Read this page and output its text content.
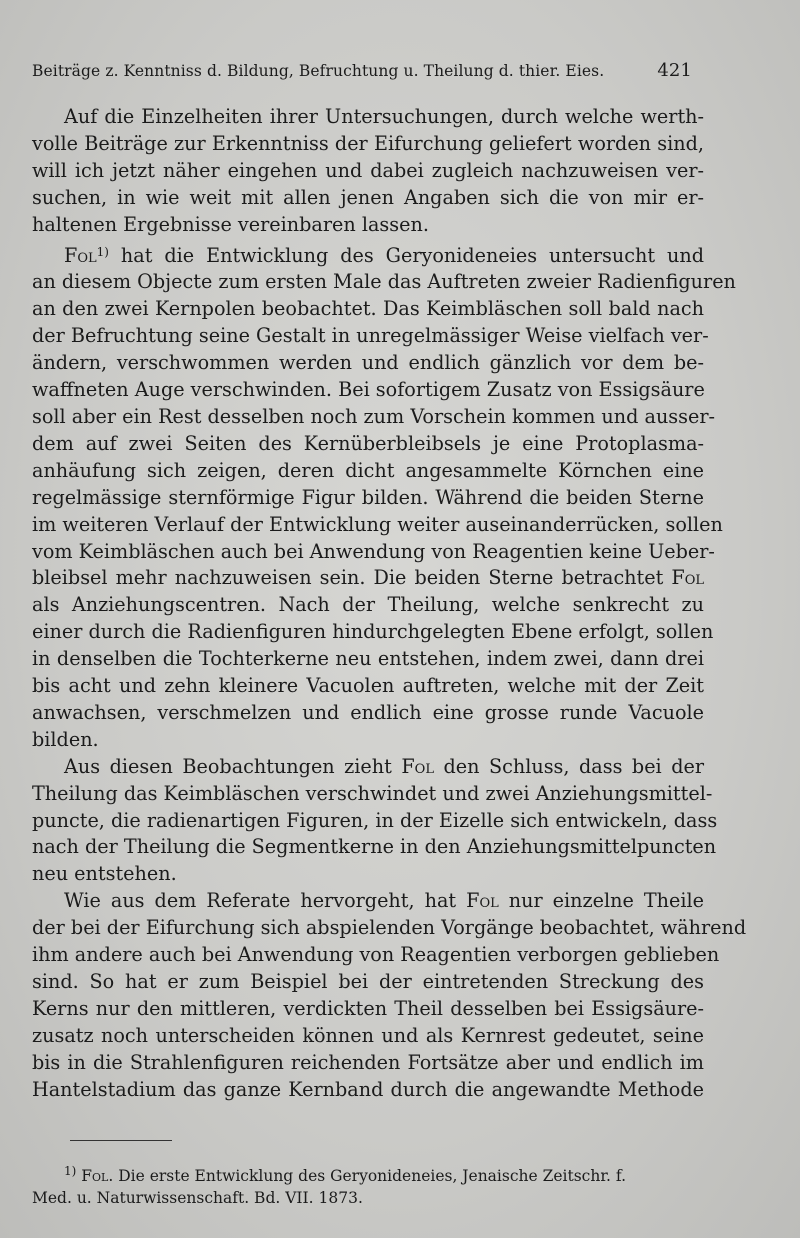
Beiträge z. Kenntniss d. Bildung, Befruchtung u. Theilung d. thier. Eies.	421

Auf die Einzelheiten ihrer Untersuchungen, durch welche werth-
volle Beiträge zur Erkenntniss der Eifurchung geliefert worden sind,
will ich jetzt näher eingehen und dabei zugleich nachzuweisen ver-
suchen, in wie weit mit allen jenen Angaben sich die von mir er-
haltenen Ergebnisse vereinbaren lassen.

Fol$^{1)}$ hat die Entwicklung des Geryonideneies untersucht und
an diesem Objecte zum ersten Male das Auftreten zweier Radienfiguren
an den zwei Kernpolen beobachtet. Das Keimbläschen soll bald nach
der Befruchtung seine Gestalt in unregelmässiger Weise vielfach ver-
ändern, verschwommen werden und endlich gänzlich vor dem be-
waffneten Auge verschwinden. Bei sofortigem Zusatz von Essigsäure
soll aber ein Rest desselben noch zum Vorschein kommen und ausser-
dem auf zwei Seiten des Kernüberbleibsels je eine Protoplasma-
anhäufung sich zeigen, deren dicht angesammelte Körnchen eine
regelmässige sternförmige Figur bilden. Während die beiden Sterne
im weiteren Verlauf der Entwicklung weiter auseinanderrücken, sollen
vom Keimbläschen auch bei Anwendung von Reagentien keine Ueber-
bleibsel mehr nachzuweisen sein. Die beiden Sterne betrachtet Fol
als Anziehungscentren. Nach der Theilung, welche senkrecht zu
einer durch die Radienfiguren hindurchgelegten Ebene erfolgt, sollen
in denselben die Tochterkerne neu entstehen, indem zwei, dann drei
bis acht und zehn kleinere Vacuolen auftreten, welche mit der Zeit
anwachsen, verschmelzen und endlich eine grosse runde Vacuole
bilden.

Aus diesen Beobachtungen zieht Fol den Schluss, dass bei der
Theilung das Keimbläschen verschwindet und zwei Anziehungsmittel-
puncte, die radienartigen Figuren, in der Eizelle sich entwickeln, dass
nach der Theilung die Segmentkerne in den Anziehungsmittelpuncten
neu entstehen.

Wie aus dem Referate hervorgeht, hat Fol nur einzelne Theile
der bei der Eifurchung sich abspielenden Vorgänge beobachtet, während
ihm andere auch bei Anwendung von Reagentien verborgen geblieben
sind. So hat er zum Beispiel bei der eintretenden Streckung des
Kerns nur den mittleren, verdickten Theil desselben bei Essigsäure-
zusatz noch unterscheiden können und als Kernrest gedeutet, seine
bis in die Strahlenfiguren reichenden Fortsätze aber und endlich im
Hantelstadium das ganze Kernband durch die angewandte Methode

$^{1)}$ Fol. Die erste Entwicklung des Geryonideneies, Jenaische Zeitschr. f.
Med. u. Naturwissenschaft. Bd. VII. 1873.
